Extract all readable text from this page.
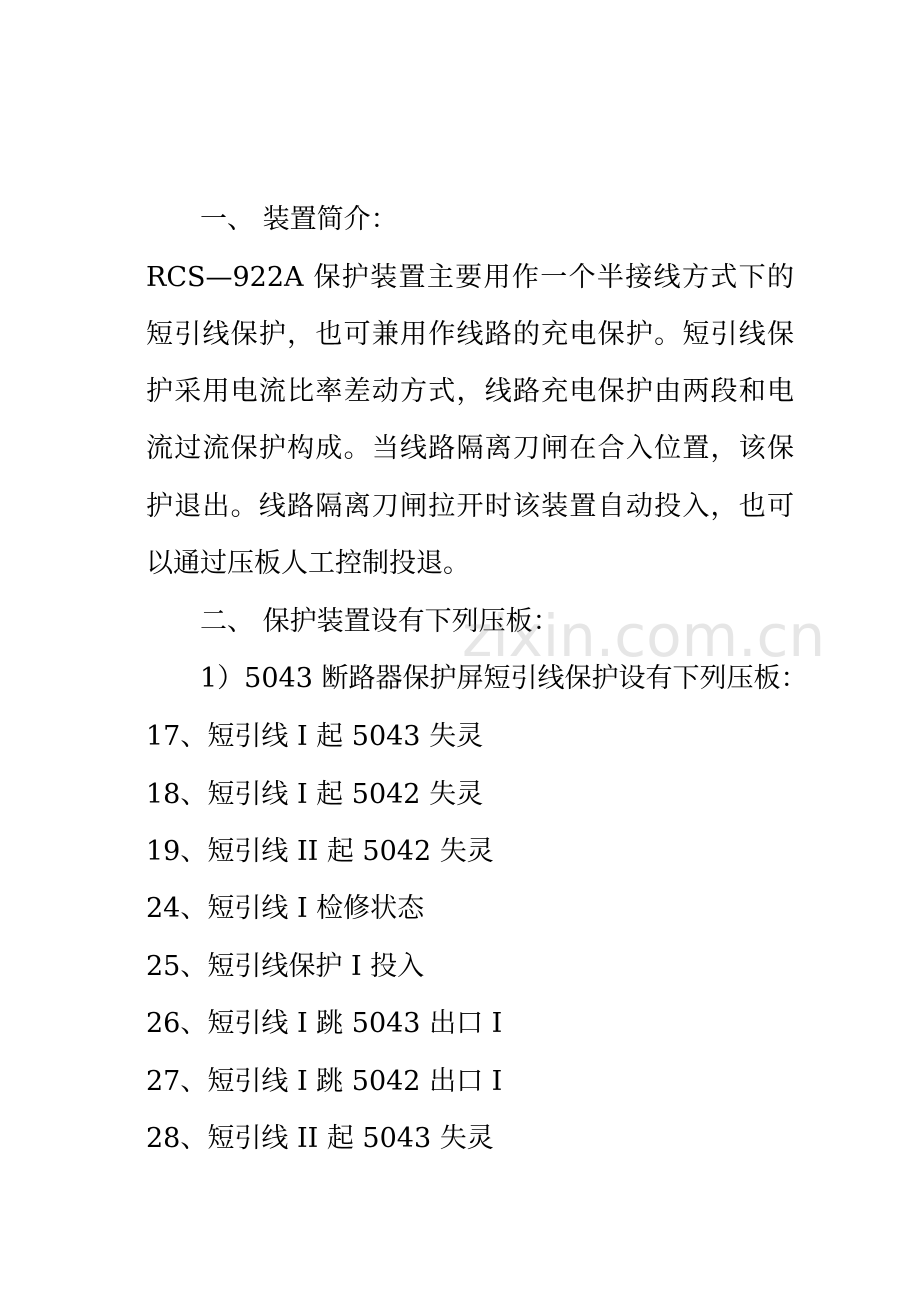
一、 装置简介：
RCS—922A 保护装置主要用作一个半接线方式下的
短引线保护，也可兼用作线路的充电保护。短引线保
护采用电流比率差动方式，线路充电保护由两段和电
流过流保护构成。当线路隔离刀闸在合入位置，该保
护退出。线路隔离刀闸拉开时该装置自动投入，也可
以通过压板人工控制投退。
二、 保护装置设有下列压板：
1）5043 断路器保护屏短引线保护设有下列压板：
17、短引线 I 起 5043 失灵
18、短引线 I 起 5042 失灵
19、短引线 II 起 5042 失灵
24、短引线 I 检修状态
25、短引线保护 I 投入
26、短引线 I 跳 5043 出口 I
27、短引线 I 跳 5042 出口 I
28、短引线 II 起 5043 失灵
zixin.com.cn
